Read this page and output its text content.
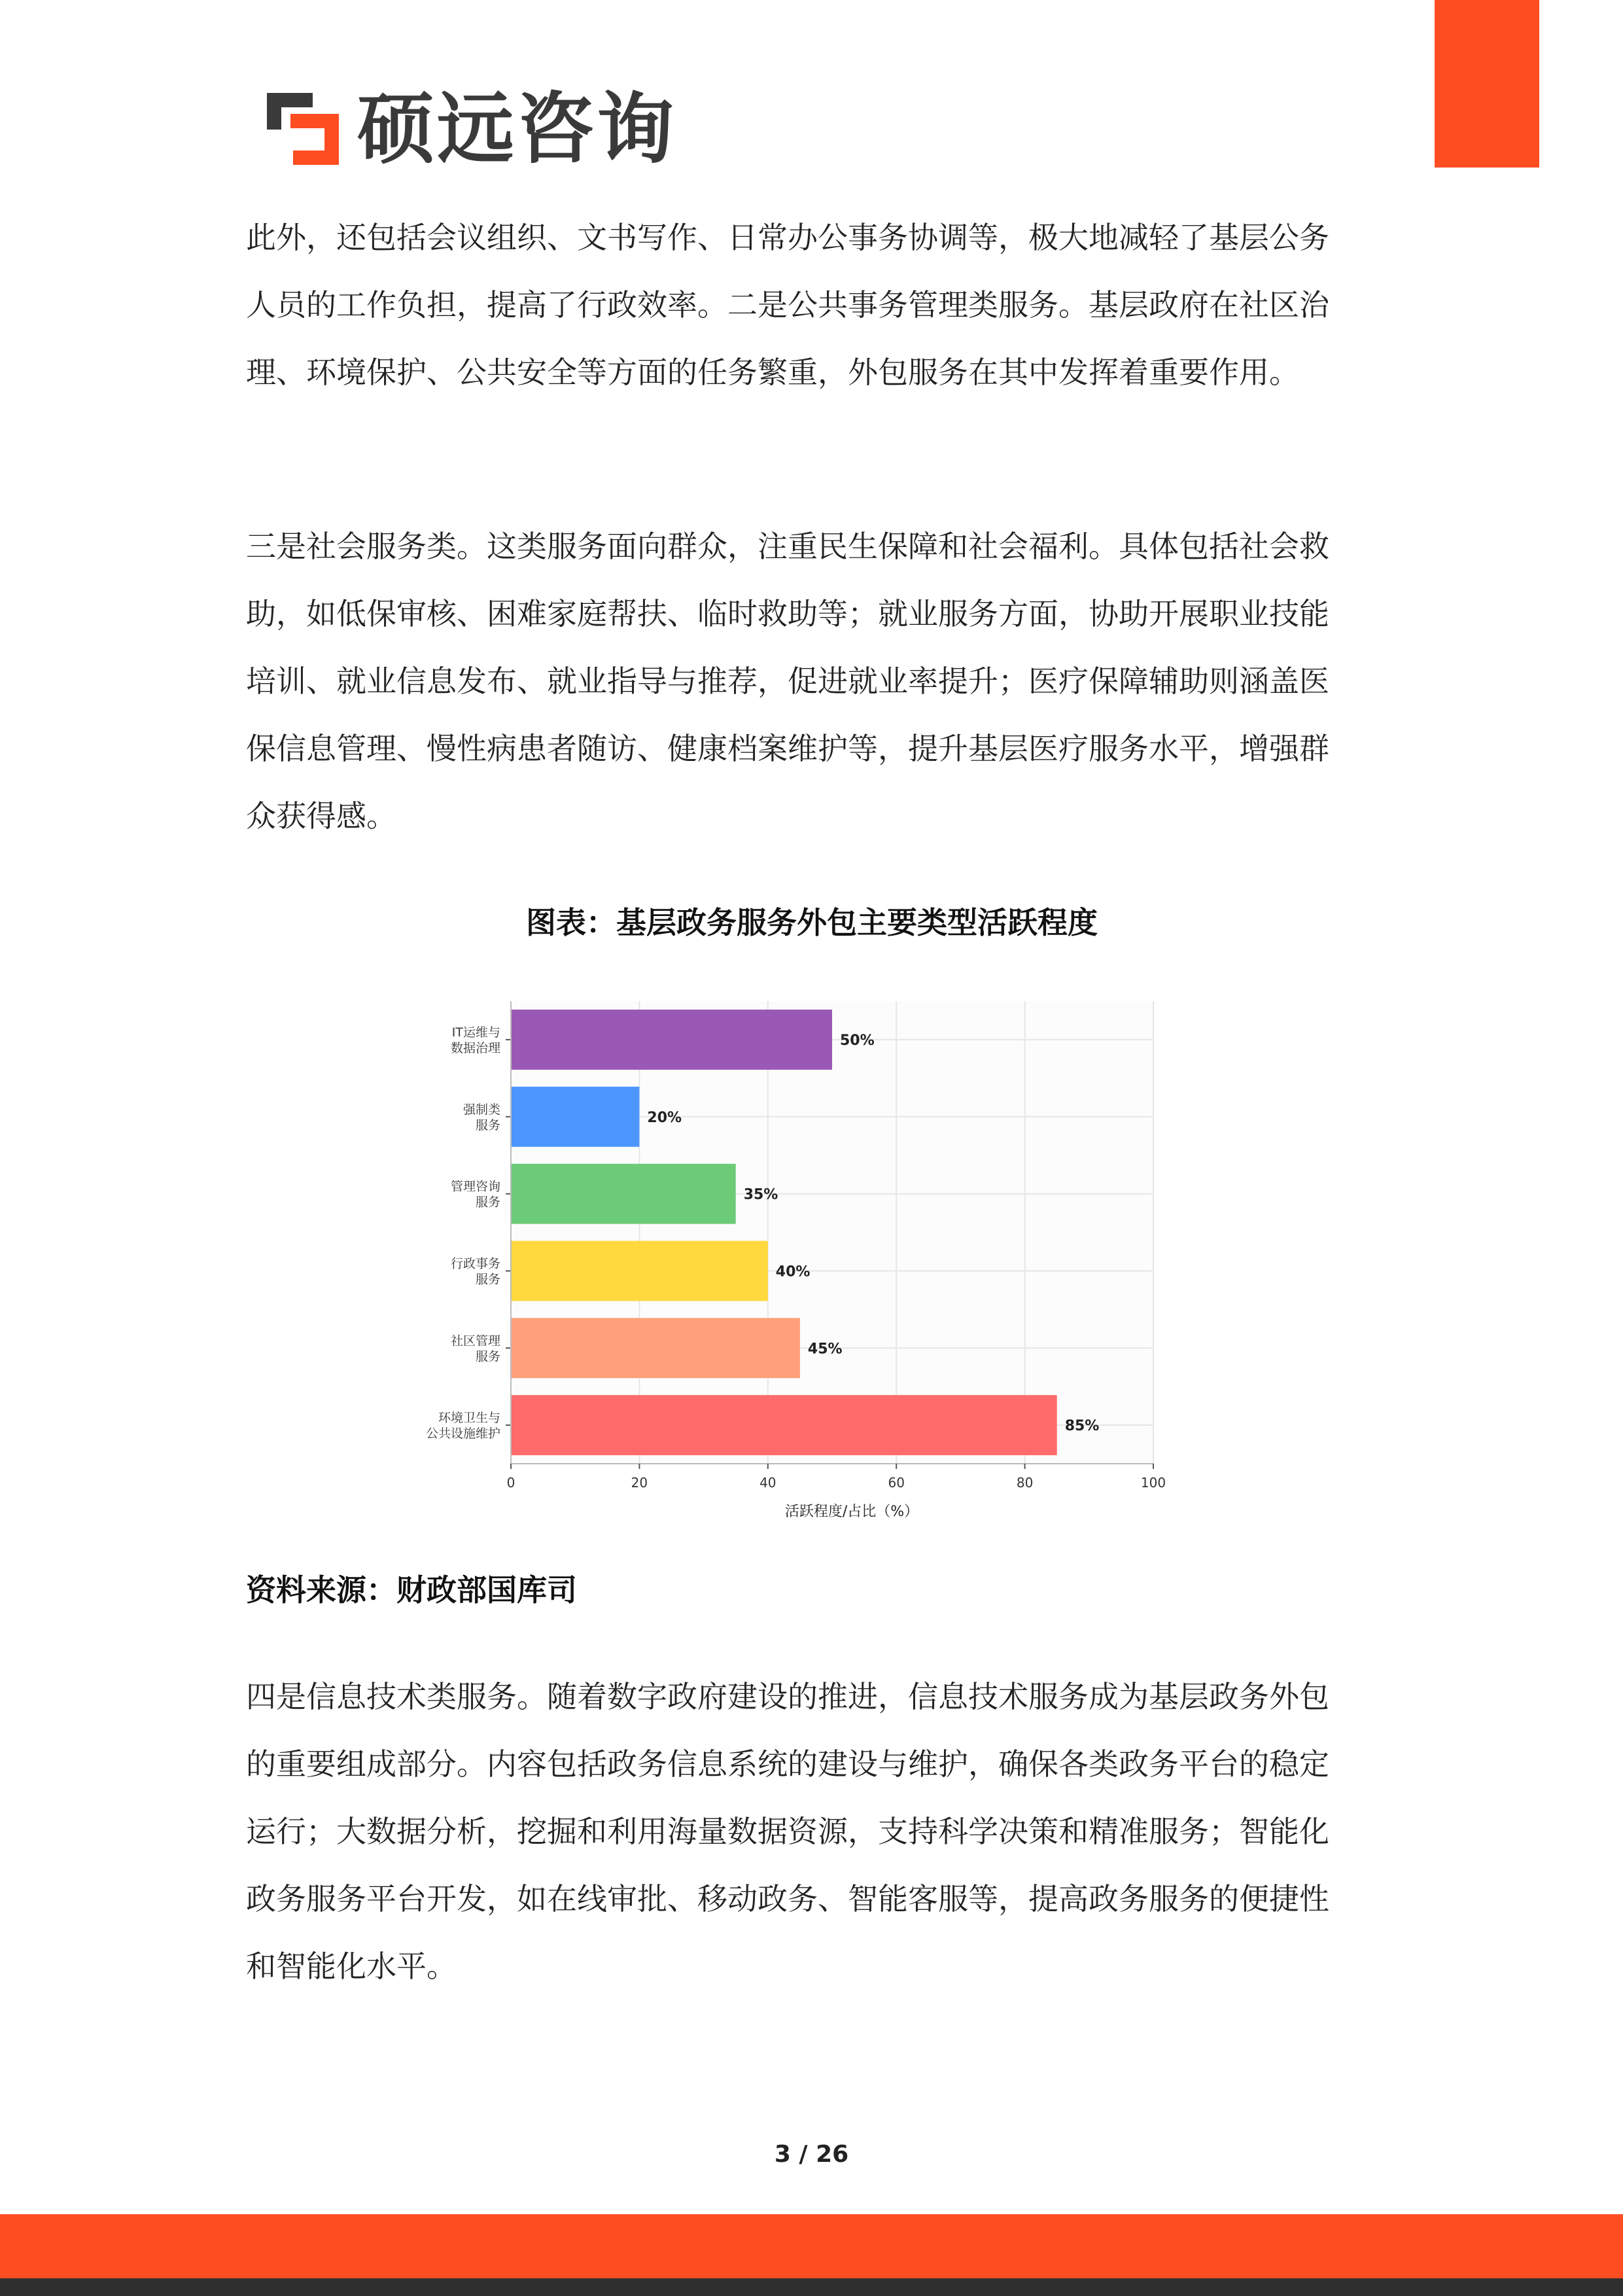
硕远咨询

此外，还包括会议组织、文书写作、日常办公事务协调等，极大地减轻了基层公务人员的工作负担，提高了行政效率。二是公共事务管理类服务。基层政府在社区治理、环境保护、公共安全等方面的任务繁重，外包服务在其中发挥着重要作用。

三是社会服务类。这类服务面向群众，注重民生保障和社会福利。具体包括社会救助，如低保审核、困难家庭帮扶、临时救助等；就业服务方面，协助开展职业技能培训、就业信息发布、就业指导与推荐，促进就业率提升；医疗保障辅助则涵盖医保信息管理、慢性病患者随访、健康档案维护等，提升基层医疗服务水平，增强群众获得感。

图表：基层政务服务外包主要类型活跃程度
50%
IT运维与
数据治理
20%
强制类
服务
35%
管理咨询
服务
40%
行政事务
服务
45%
社区管理
服务
85%
环境卫生与
公共设施维护
0	20	40	60	80	100
活跃程度/占比（%）
资料来源：财政部国库司

四是信息技术类服务。随着数字政府建设的推进，信息技术服务成为基层政务外包的重要组成部分。内容包括政务信息系统的建设与维护，确保各类政务平台的稳定运行；大数据分析，挖掘和利用海量数据资源，支持科学决策和精准服务；智能化政务服务平台开发，如在线审批、移动政务、智能客服等，提高政务服务的便捷性和智能化水平。

3 / 26
